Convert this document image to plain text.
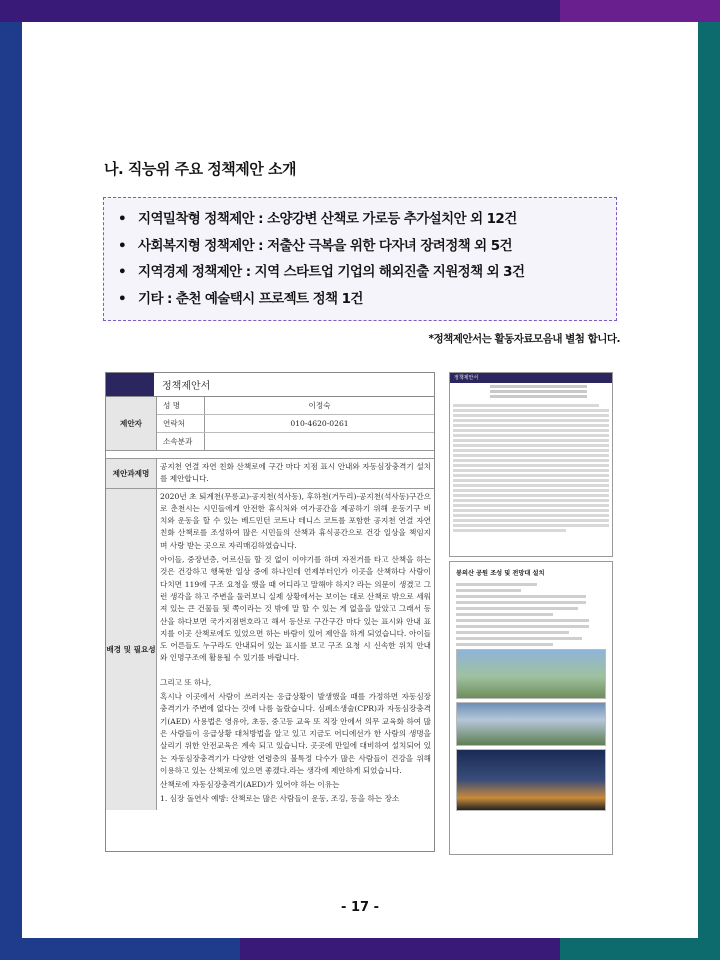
나. 직능위 주요 정책제안 소개
• 지역밀착형 정책제안 : 소양강변 산책로 가로등 추가설치안 외 12건
• 사회복지형 정책제안 : 저출산 극복을 위한 다자녀 장려정책 외 5건
• 지역경제 정책제안 : 지역 스타트업 기업의 해외진출 지원정책 외 3건
• 기타 : 춘천 예술택시 프로젝트 정책 1건
*정책제안서는 활동자료모음내 별첨 합니다.
정책제안서
제안자
성 명	이정숙
연락처	010-4620-0261
소속분과
제안과제명
공지천 연결 자연 친화 산책로에 구간 마다 지점 표시 안내와 자동심장충격기 설치를 제안합니다.
배경 및 필요성

2020년 초 퇴계천(무릉교)-공지천(석사동), 후하천(거두리)-공지천(석사동)구간으로 춘천시는 시민들에게 안전한 휴식처와 여가공간을 제공하기 위해 운동기구 비치와 운동을 할 수 있는 베드민턴 코트나 테니스 코트를 포함한 공지천 연결 자연 친화 산책로를 조성하여 많은 시민들의 산책과 휴식공간으로 건강 일상을 책임지며 사랑 받는 곳으로 자리매김하였습니다.

아이들, 중장년층, 어르신들 할 것 없이 이야기를 하며 자전거를 타고 산책을 하는 것은 건강하고 행복한 일상 중에 하나인데 언제부터인가 이곳을 산책하다 사람이 다치면 119에 구조 요청을 했을 때 어디라고 말해야 하지? 라는 의문이 생겼고 그런 생각을 하고 주변을 둘러보니 실제 상황에서는 보이는 대로 산책로 밖으로 세워져 있는 큰 건물들 뒷 쪽이라는 것 밖에 말 할 수 있는 게 없을을 알았고 그래서 등산을 하다보면 국가지점번호라고 해서 등산로 구간구간 마다 있는 표시와 안내 표지를 이곳 산책로에도 있었으면 하는 바람이 있어 제안을 하게 되었습니다. 아이들도 어른들도 누구라도 안내되어 있는 표시를 보고 구조 요청 시 신속한 위치 안내와 인명구조에 활용될 수 있기를 바랍니다.

그리고 또 하나,

혹시나 이곳에서 사람이 쓰러지는 응급상황이 발생했을 때를 가정하면 자동심장 충격기가 주변에 없다는 것에 나름 놀랐습니다. 심폐소생술(CPR)과 자동심장충격기(AED) 사용법은 영유아, 초등, 중고등 교육 또 직장 안에서 의무 교육화 하여 많은 사람들이 응급상황 대처방법을 알고 있고 지금도 어디에선가 한 사람의 생명을 살리기 위한 안전교육은 계속 되고 있습니다. 곳곳에 만일에 대비하여 설치되어 있는 자동심장충격기가 다양한 연령층의 불특정 다수가 많은 사람들이 건강을 위해 이용하고 있는 산책로에 있으면 좋겠다.라는 생각에 제안하게 되었습니다.

산책로에 자동심장충격기(AED)가 있어야 하는 이유는

1. 심장 돌연사 예방: 산책로는 많은 사람들이 운동, 조깅, 등을 하는 장소

정책제안서
봉의산 공원 조성 및 전망대 설치
- 17 -
